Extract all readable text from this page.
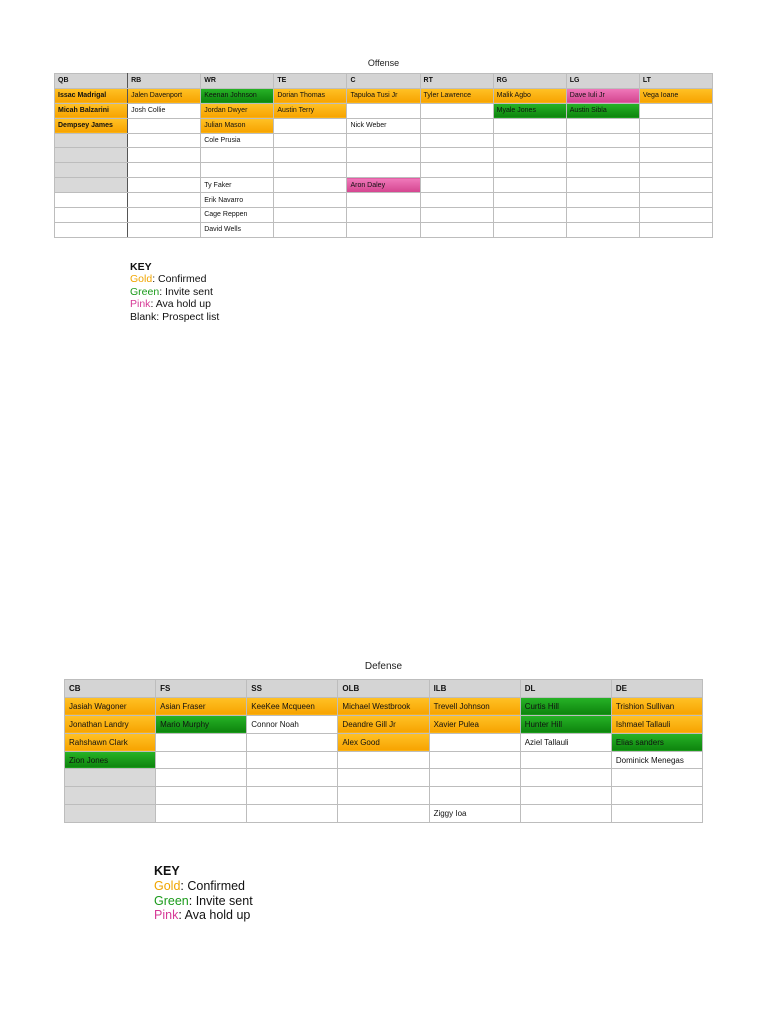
Offense
QB	RB	WR	TE	C	RT	RG	LG	LT
Issac Madrigal	Jalen Davenport	Keenan Johnson	Dorian Thomas	Tapuloa Tusi Jr	Tyler Lawrence	Malik Agbo	Dave Iuli Jr	Vega Ioane
Micah Balzarini	Josh Collie	Jordan Dwyer	Austin Terry			Myale Jones	Austin Sibla	
Dempsey James		Julian Mason		Nick Weber				
		Cole Prusia						

		Ty Faker		Aron Daley				
		Erik Navarro						
		Cage Reppen						
		David Wells						
KEY
Gold: Confirmed
Green: Invite sent
Pink: Ava hold up
Blank: Prospect list
Defense
CB	FS	SS	OLB	ILB	DL	DE
Jasiah Wagoner	Asian Fraser	KeeKee Mcqueen	Michael Westbrook	Trevell Johnson	Curtis Hill	Trishion Sullivan
Jonathan Landry	Mario Murphy	Connor Noah	Deandre Gill Jr	Xavier Pulea	Hunter Hill	Ishmael Tallauli
Rahshawn Clark			Alex Good		Aziel Tallauli	Elias sanders
Zion Jones						Dominick Menegas

				Ziggy Ioa		
KEY
Gold: Confirmed
Green: Invite sent
Pink: Ava hold up
